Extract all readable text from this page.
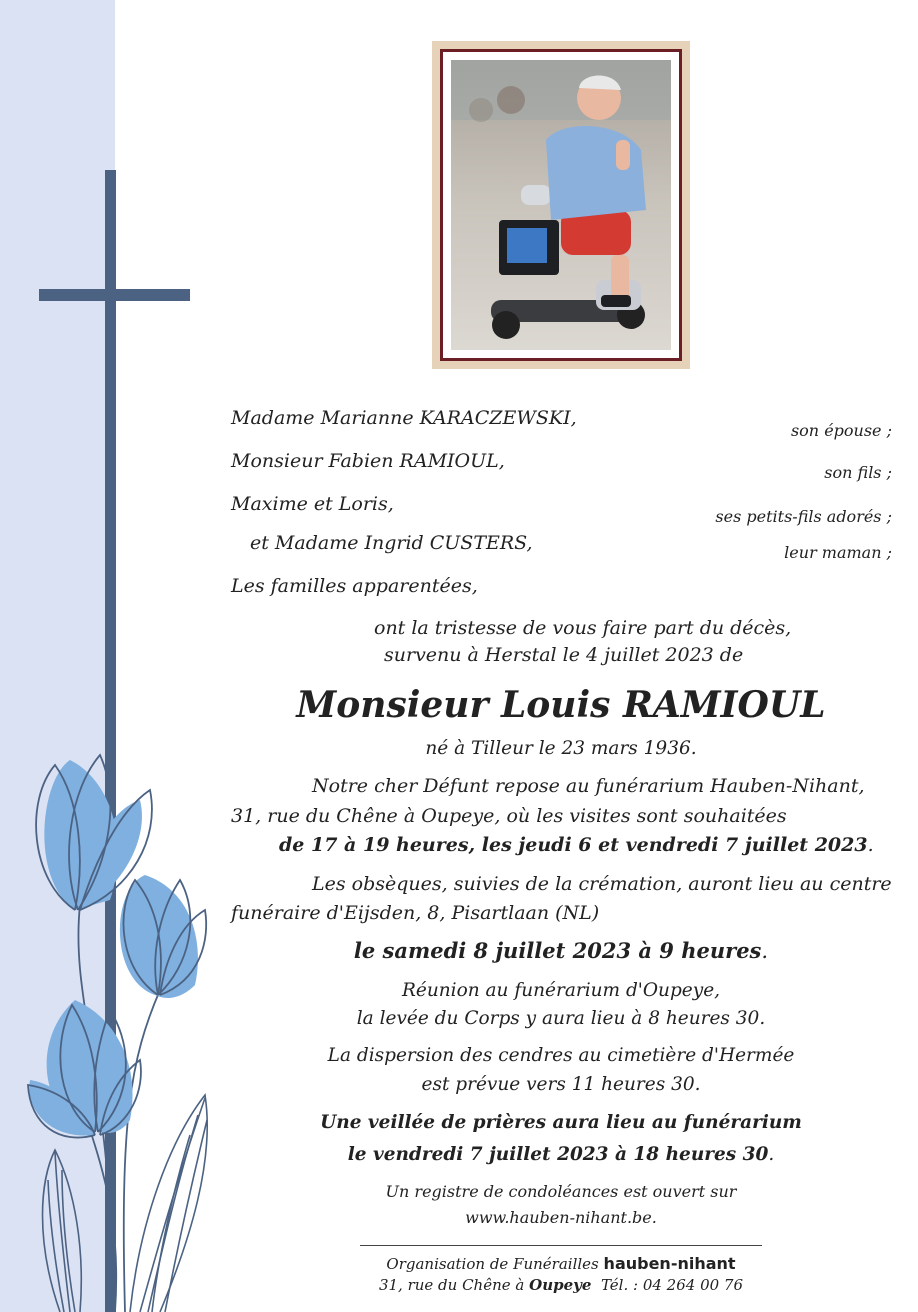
Madame Marianne KARACZEWSKI,
son épouse ;
Monsieur Fabien RAMIOUL,
son fils ;
Maxime et Loris,
ses petits-fils adorés ;
et Madame Ingrid CUSTERS,	leur maman ;
Les familles apparentées,
ont la tristesse de vous faire part du décès,
survenu à Herstal le 4 juillet 2023 de
Monsieur Louis RAMIOUL
né à Tilleur le 23 mars 1936.
Notre cher Défunt repose au funérarium Hauben-Nihant,
31, rue du Chêne à Oupeye, où les visites sont souhaitées
de 17 à 19 heures, les jeudi 6 et vendredi 7 juillet 2023.
Les obsèques, suivies de la crémation, auront lieu au centre
funéraire d'Eijsden, 8, Pisartlaan (NL)
le samedi 8 juillet 2023 à 9 heures.
Réunion au funérarium d'Oupeye,
la levée du Corps y aura lieu à 8 heures 30.
La dispersion des cendres au cimetière d'Hermée
est prévue vers 11 heures 30.
Une veillée de prières aura lieu au funérarium
le vendredi 7 juillet 2023 à 18 heures 30.
Un registre de condoléances est ouvert sur
www.hauben-nihant.be.
Organisation de Funérailles hauben-nihant
31, rue du Chêne à Oupeye Tél. : 04 264 00 76
